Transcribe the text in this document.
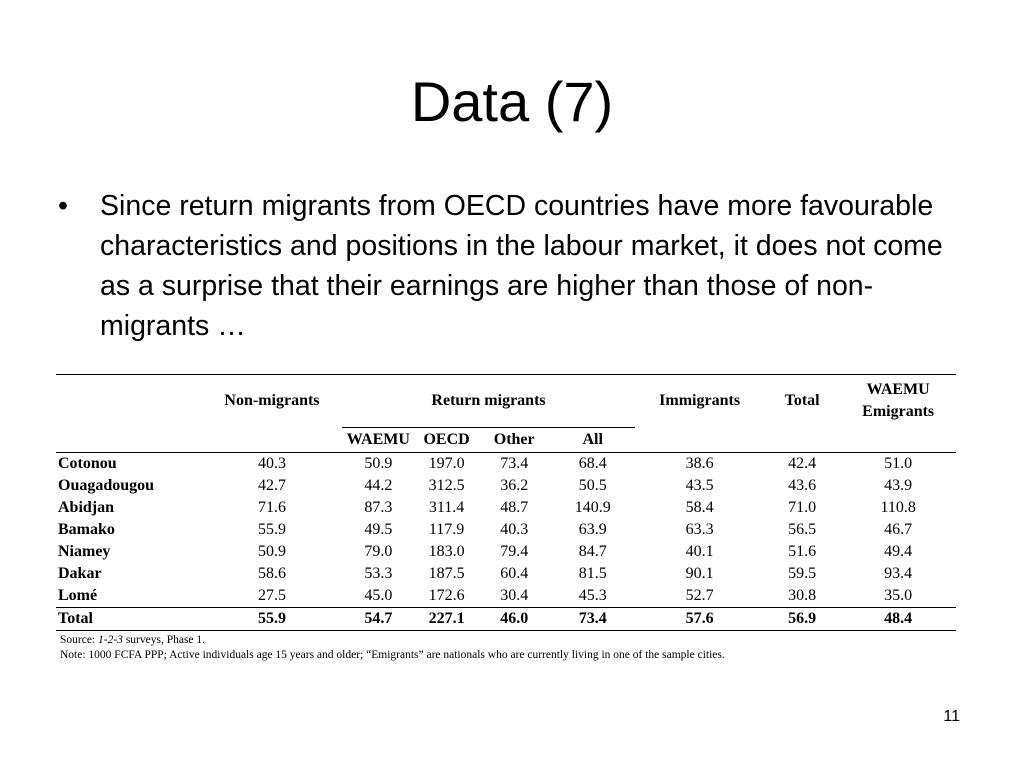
Data (7)
•	Since return migrants from OECD countries have more favourable characteristics and positions in the labour market, it does not come as a surprise that their earnings are higher than those of non-migrants …
	Non-migrants	Return migrants				Immigrants	Total	WAEMU
Emigrants
		WAEMU	OECD	Other	All			
Cotonou	40.3	50.9	197.0	73.4	68.4	38.6	42.4	51.0
Ouagadougou	42.7	44.2	312.5	36.2	50.5	43.5	43.6	43.9
Abidjan	71.6	87.3	311.4	48.7	140.9	58.4	71.0	110.8
Bamako	55.9	49.5	117.9	40.3	63.9	63.3	56.5	46.7
Niamey	50.9	79.0	183.0	79.4	84.7	40.1	51.6	49.4
Dakar	58.6	53.3	187.5	60.4	81.5	90.1	59.5	93.4
Lomé	27.5	45.0	172.6	30.4	45.3	52.7	30.8	35.0
Total	55.9	54.7	227.1	46.0	73.4	57.6	56.9	48.4
Source: 1-2-3 surveys, Phase 1.
Note: 1000 FCFA PPP; Active individuals age 15 years and older; “Emigrants” are nationals who are currently living in one of the sample cities.
11
